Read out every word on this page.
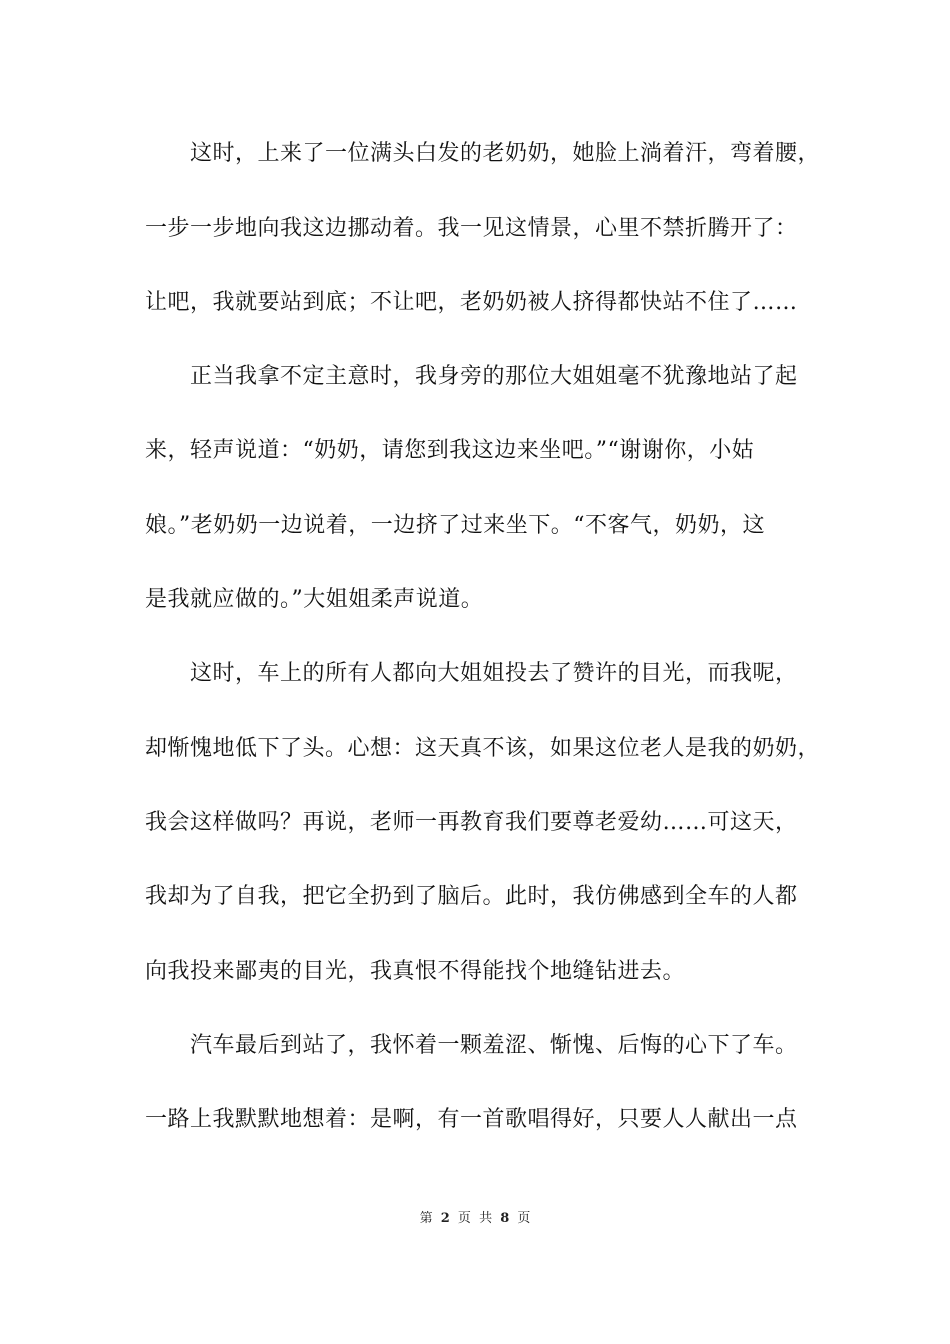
这时，上来了一位满头白发的老奶奶，她脸上淌着汗，弯着腰，
一步一步地向我这边挪动着。我一见这情景，心里不禁折腾开了：
让吧，我就要站到底；不让吧，老奶奶被人挤得都快站不住了……
正当我拿不定主意时，我身旁的那位大姐姐毫不犹豫地站了起
来，轻声说道：“奶奶，请您到我这边来坐吧。”“谢谢你，小姑
娘。”老奶奶一边说着，一边挤了过来坐下。“不客气，奶奶，这
是我就应做的。”大姐姐柔声说道。
这时，车上的所有人都向大姐姐投去了赞许的目光，而我呢，
却惭愧地低下了头。心想：这天真不该，如果这位老人是我的奶奶，
我会这样做吗？再说，老师一再教育我们要尊老爱幼……可这天，
我却为了自我，把它全扔到了脑后。此时，我仿佛感到全车的人都
向我投来鄙夷的目光，我真恨不得能找个地缝钻进去。
汽车最后到站了，我怀着一颗羞涩、惭愧、后悔的心下了车。
一路上我默默地想着：是啊，有一首歌唱得好，只要人人献出一点
第 2 页 共 8 页
